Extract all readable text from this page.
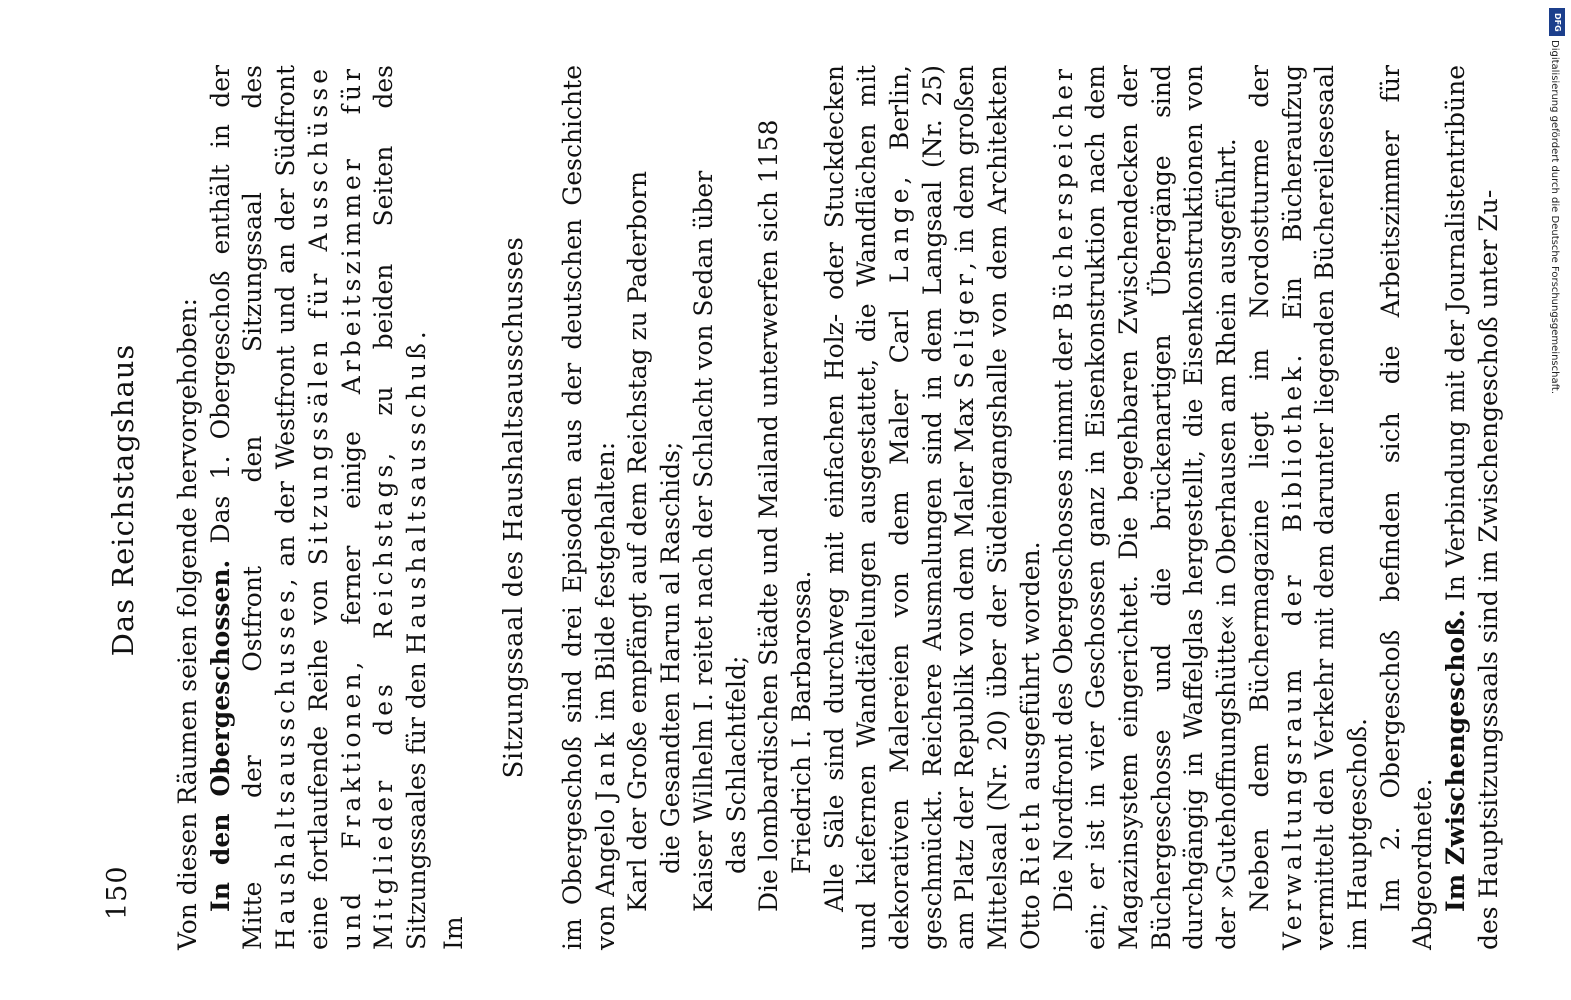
150
Das Reichstagshaus Von diesen Räumen seien folgende hervorgehoben: In den Obergeschossen. Das 1. Obergeschoß enthält in der Mitte der Ostfront den Sitzungssaal des Haushaltsausschusses, an der Westfront und an der Südfront eine fortlaufende Reihe von Sitzungssälen für Ausschüsse und Fraktionen, ferner einige Arbeitszimmer für Mitglieder des Reichstags, zu beiden Seiten des Sitzungssaales für den Haushaltsausschuß.

Im

Sitzungssaal des Haushaltsausschusses im Obergeschoß sind drei Episoden aus der deutschen Geschichte von Angelo Jank im Bilde festgehalten: Karl der Große empfängt auf dem Reichstag zu Paderborn die Gesandten Harun al Raschids; Kaiser Wilhelm I. reitet nach der Schlacht von Sedan über das Schlachtfeld; Die lombardischen Städte und Mailand unterwerfen sich 1158 Friedrich I. Barbarossa. Alle Säle sind durchweg mit einfachen Holz- oder Stuckdecken und kiefernen Wandtäfelungen ausgestattet, die Wandflächen mit dekorativen Malereien von dem Maler Carl Lange, Berlin, geschmückt. Reichere Ausmalungen sind in dem Langsaal (Nr. 25) am Platz der Republik von dem Maler Max Seliger, in dem großen Mittelsaal (Nr. 20) über der Südeingangshalle von dem Architekten Otto Rieth ausgeführt worden. Die Nordfront des Obergeschosses nimmt der Bücherspeicher ein; er ist in vier Geschossen ganz in Eisenkonstruktion nach dem Magazinsystem eingerichtet. Die begehbaren Zwischendecken der Büchergeschosse und die brückenartigen Übergänge sind durchgängig in Waffelglas hergestellt, die Eisenkonstruktionen von der »Gutehoffnungshütte« in Oberhausen am Rhein ausgeführt. Neben dem Büchermagazine liegt im Nordostturme der Verwaltungsraum der Bibliothek. Ein Bücheraufzug vermittelt den Verkehr mit dem darunter liegenden Büchereilesesaal im Hauptgeschoß. Im 2. Obergeschoß befinden sich die Arbeitszimmer für Abgeordnete. Im Zwischengeschoß. In Verbindung mit der Journalistentribüne des Hauptsitzungssaals sind im Zwischengeschoß unter Zu-

DFG
Digitalisierung gefördert durch die Deutsche Forschungsgemeinschaft.
